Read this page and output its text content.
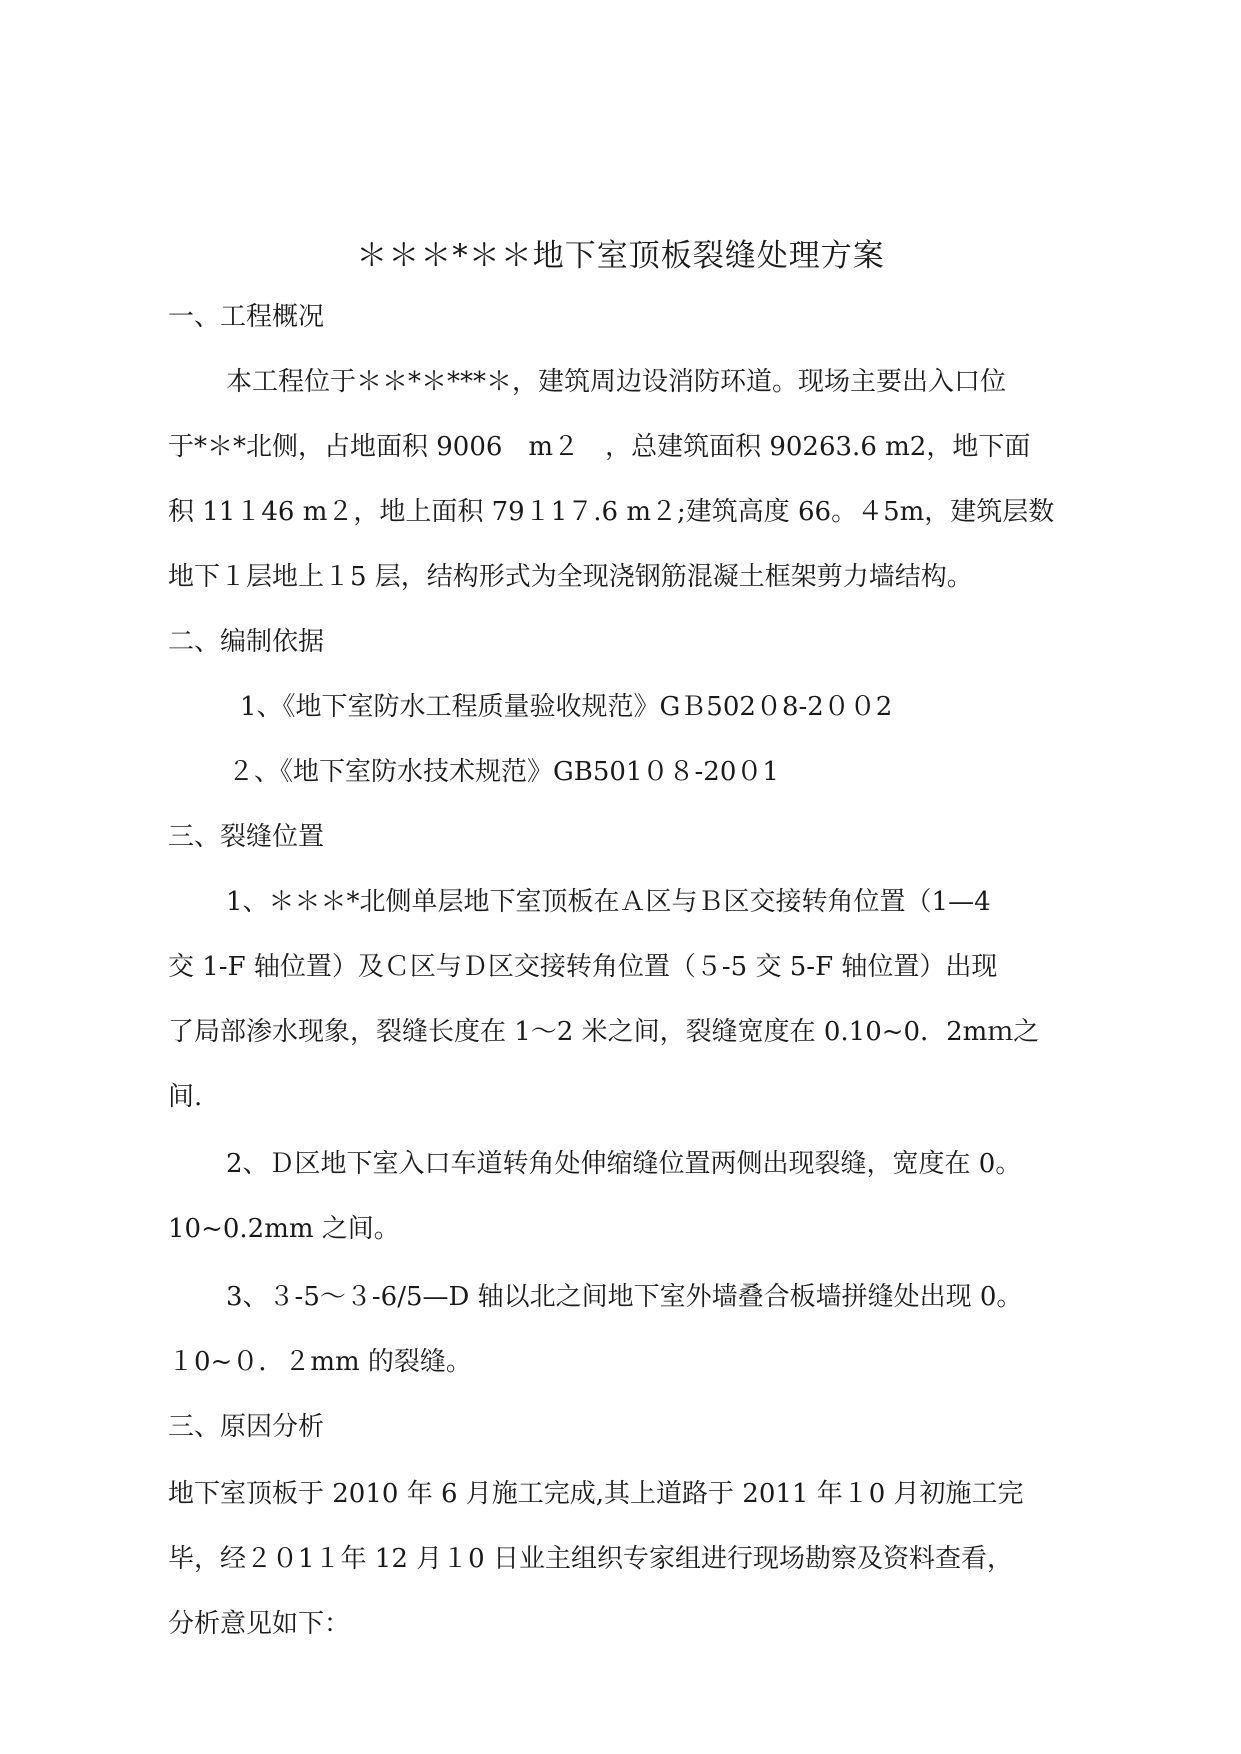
＊＊＊*＊＊地下室顶板裂缝处理方案
一、工程概况
本工程位于＊＊*＊***＊，建筑周边设消防环道。现场主要出入口位
于*＊*北侧，占地面积 9006　m２　，总建筑面积 90263.6 m2，地下面
积 11１46 m２，地上面积 79１1７.6 m２;建筑高度 66。４5m，建筑层数
地下１层地上１5 层，结构形式为全现浇钢筋混凝土框架剪力墙结构。
二、编制依据
1、《地下室防水工程质量验收规范》GＢ502０8-2００2
２、《地下室防水技术规范》GB501０８-20０1
三、裂缝位置
1、＊＊＊*北侧单层地下室顶板在Ａ区与Ｂ区交接转角位置（1—4
交 1-F 轴位置）及Ｃ区与Ｄ区交接转角位置（５-5 交 5-F 轴位置）出现
了局部渗水现象，裂缝长度在 1～2 米之间，裂缝宽度在 0.10~0．2mｍ之
间.
2、Ｄ区地下室入口车道转角处伸缩缝位置两侧出现裂缝，宽度在 0。
10~0.2mm 之间。
3、３-5～３-6/5—D 轴以北之间地下室外墙叠合板墙拼缝处出现 0。
１0~０．２mm 的裂缝。
三、原因分析
地下室顶板于 2010 年 6 月施工完成,其上道路于 2011 年１0 月初施工完
毕，经２０1１年 12 月１0 日业主组织专家组进行现场勘察及资料查看，
分析意见如下：
